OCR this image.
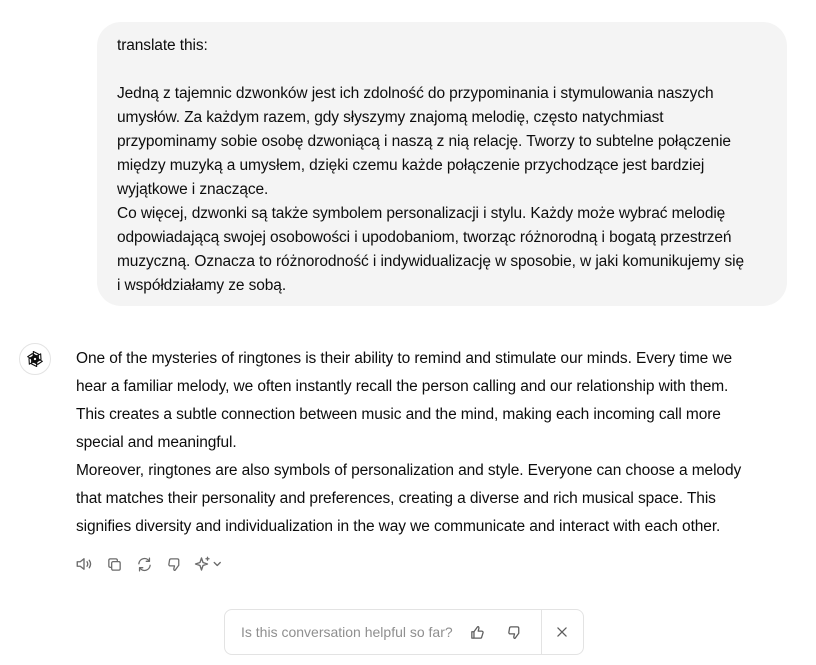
translate this:

Jedną z tajemnic dzwonków jest ich zdolność do przypominania i stymulowania naszych

umysłów. Za każdym razem, gdy słyszymy znajomą melodię, często natychmiast

przypominamy sobie osobę dzwoniącą i naszą z nią relację. Tworzy to subtelne połączenie

między muzyką a umysłem, dzięki czemu każde połączenie przychodzące jest bardziej

wyjątkowe i znaczące.

Co więcej, dzwonki są także symbolem personalizacji i stylu. Każdy może wybrać melodię

odpowiadającą swojej osobowości i upodobaniom, tworząc różnorodną i bogatą przestrzeń

muzyczną. Oznacza to różnorodność i indywidualizację w sposobie, w jaki komunikujemy się

i współdziałamy ze sobą.

One of the mysteries of ringtones is their ability to remind and stimulate our minds. Every time we

hear a familiar melody, we often instantly recall the person calling and our relationship with them.

This creates a subtle connection between music and the mind, making each incoming call more

special and meaningful.

Moreover, ringtones are also symbols of personalization and style. Everyone can choose a melody

that matches their personality and preferences, creating a diverse and rich musical space. This

signifies diversity and individualization in the way we communicate and interact with each other.

Is this conversation helpful so far?
